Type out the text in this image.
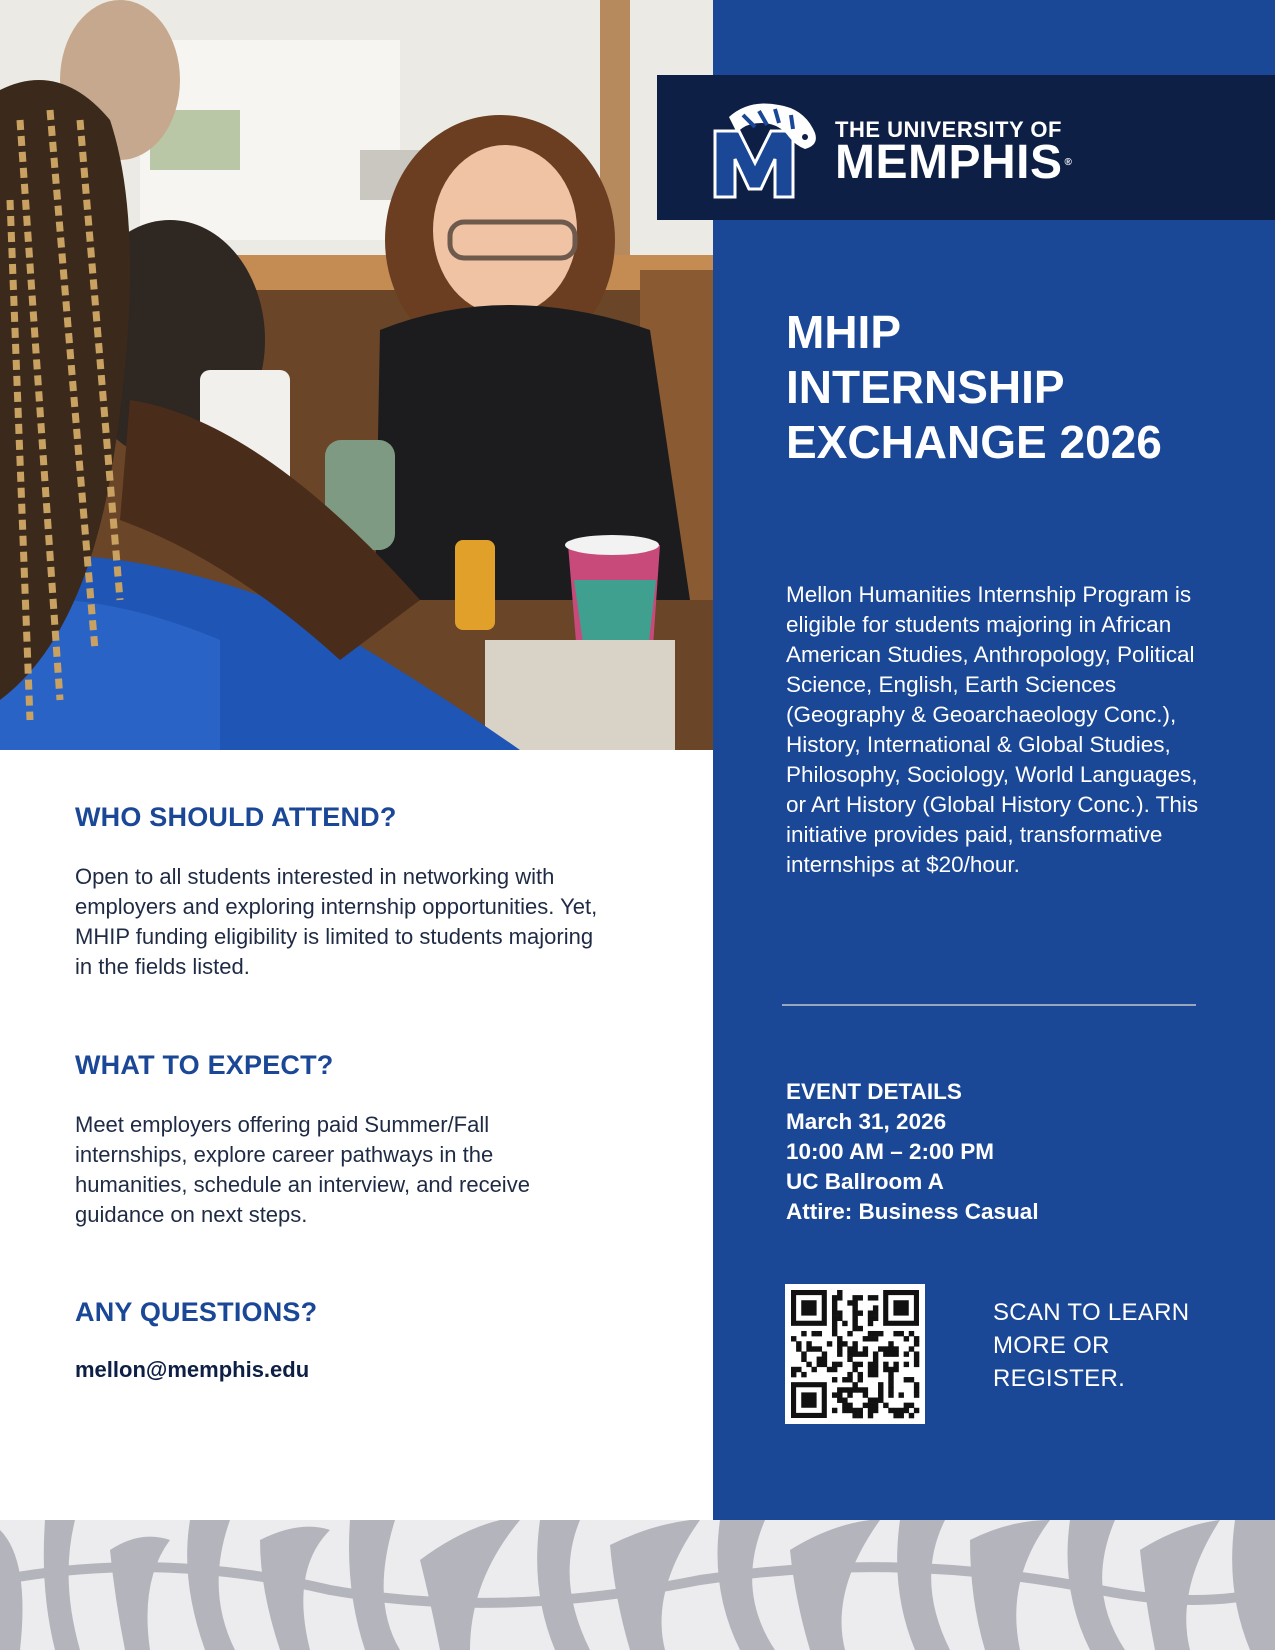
THE UNIVERSITY OF
MEMPHIS ®
MHIP
INTERNSHIP
EXCHANGE 2026
Mellon Humanities Internship Program is eligible for students majoring in African American Studies, Anthropology, Political Science, English, Earth Sciences (Geography & Geoarchaeology Conc.), History, International & Global Studies, Philosophy, Sociology, World Languages, or Art History (Global History Conc.). This initiative provides paid, transformative internships at $20/hour.
EVENT DETAILS
March 31, 2026
10:00 AM – 2:00 PM
UC Ballroom A
Attire: Business Casual
SCAN TO LEARN MORE OR REGISTER.
WHO SHOULD ATTEND?
Open to all students interested in networking with employers and exploring internship opportunities. Yet, MHIP funding eligibility is limited to students majoring in the fields listed.
WHAT TO EXPECT?
Meet employers offering paid Summer/Fall internships, explore career pathways in the humanities, schedule an interview, and receive guidance on next steps.
ANY QUESTIONS?
mellon@memphis.edu
